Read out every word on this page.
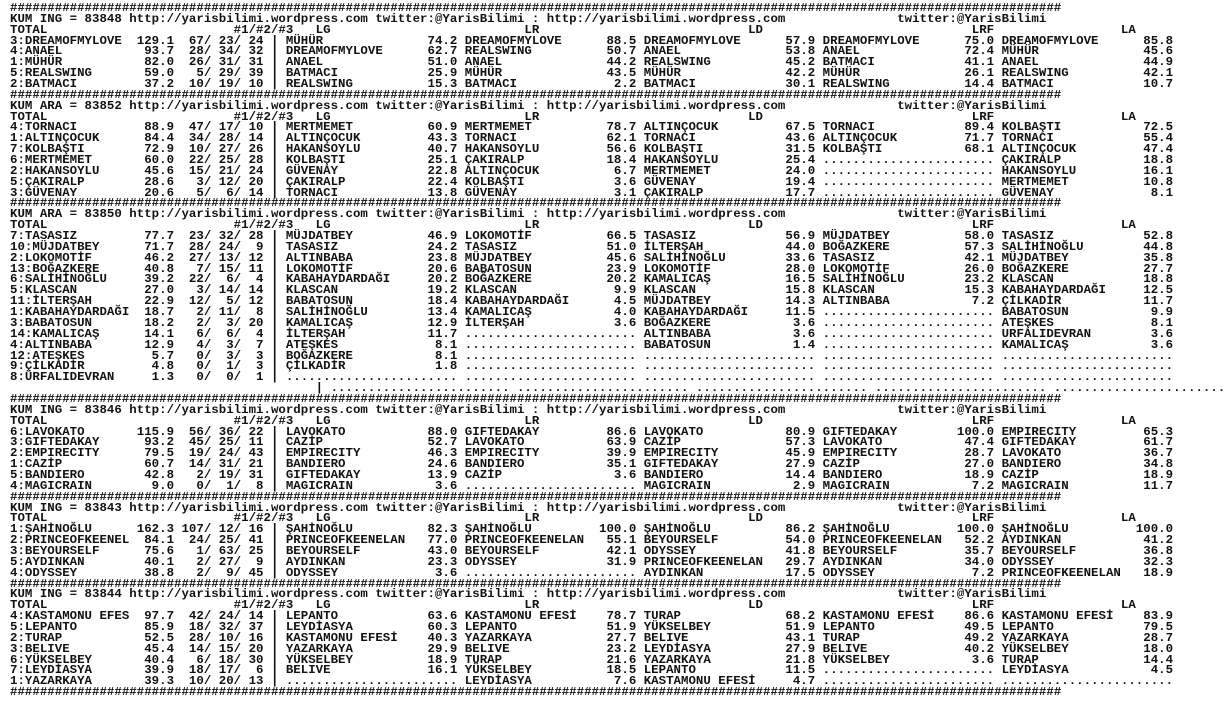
#############################################################################################################################################
KUM ING = 83848 http://yarisbilimi.wordpress.com twitter:@YarisBilimi : http://yarisbilimi.wordpress.com               twitter:@YarisBilimi
TOTAL                         #1/#2/#3   LG                          LR                            LD                            LRF                 LA
3:DREAMOFMYLOVE  129.1  67/ 23/ 24 | MÜHÜR              74.2 DREAMOFMYLOVE      88.5 DREAMOFMYLOVE      57.9 DREAMOFMYLOVE      75.0 DREAMOFMYLOVE      85.8
4:ANAEL           93.7  28/ 34/ 32 | DREAMOFMYLOVE      62.7 REALSWING          50.7 ANAEL              53.8 ANAEL              72.4 MÜHÜR              45.6
1:MÜHÜR           82.0  26/ 31/ 31 | ANAEL              51.0 ANAEL              44.2 REALSWING          45.2 BATMACI            41.1 ANAEL              44.9
5:REALSWING       59.0   5/ 29/ 39 | BATMACI            25.9 MÜHÜR              43.5 MÜHÜR              42.2 MÜHÜR              26.1 REALSWING          42.1
2:BATMACI         37.2  10/ 19/ 10 | REALSWING          15.3 BATMACI             2.2 BATMACI            30.1 REALSWING          14.4 BATMACI            10.7
#############################################################################################################################################
KUM ARA = 83852 http://yarisbilimi.wordpress.com twitter:@YarisBilimi : http://yarisbilimi.wordpress.com               twitter:@YarisBilimi
TOTAL                         #1/#2/#3   LG                          LR                            LD                            LRF                 LA
4:TORNACI         88.9  47/ 17/ 10 | MERTMEMET          60.9 MERTMEMET          78.7 ALTINÇOCUK         67.5 TORNACI            89.4 KOLBAŞTI           72.5
1:ALTINÇOCUK      84.4  34/ 28/ 14 | ALTINÇOCUK         43.3 TORNACI            62.1 TORNACI            43.6 ALTINÇOCUK         71.7 TORNACI            55.4
7:KOLBAŞTI        72.9  10/ 27/ 26 | HAKANSOYLU         40.7 HAKANSOYLU         56.6 KOLBAŞTI           31.5 KOLBAŞTI           68.1 ALTINÇOCUK         47.4
6:MERTMEMET       60.0  22/ 25/ 28 | KOLBAŞTI           25.1 ÇAKIRALP           18.4 HAKANSOYLU         25.4 ....................... ÇAKIRALP           18.8
2:HAKANSOYLU      45.6  15/ 21/ 24 | GÜVENAY            22.8 ALTINÇOCUK          6.7 MERTMEMET          24.0 ....................... HAKANSOYLU         16.1
5:ÇAKIRALP        28.6   3/ 12/ 20 | ÇAKIRALP           22.4 KOLBAŞTI            3.6 GÜVENAY            19.4 ....................... MERTMEMET          10.8
3:GÜVENAY         20.6   5/  6/ 14 | TORNACI            13.8 GÜVENAY             3.1 ÇAKIRALP           17.7 ....................... GÜVENAY             8.1
#############################################################################################################################################
KUM ARA = 83850 http://yarisbilimi.wordpress.com twitter:@YarisBilimi : http://yarisbilimi.wordpress.com               twitter:@YarisBilimi
TOTAL                         #1/#2/#3   LG                          LR                            LD                            LRF                 LA
7:TASASIZ         77.7  23/ 32/ 28 | MÜJDATBEY          46.9 LOKOMOTİF          66.5 TASASIZ            56.9 MÜJDATBEY          58.0 TASASIZ            52.8
10:MÜJDATBEY      71.7  28/ 24/  9 | TASASIZ            24.2 TASASIZ            51.0 İLTERŞAH           44.0 BOĞAZKERE          57.3 SALİHİNOĞLU        44.8
2:LOKOMOTİF       46.2  27/ 13/ 12 | ALTINBABA          23.8 MÜJDATBEY          45.6 SALİHİNOĞLU        33.6 TASASIZ            42.1 MÜJDATBEY          35.8
13:BOĞAZKERE      40.8   7/ 15/ 11 | LOKOMOTİF          20.6 BABATOSUN          23.9 LOKOMOTİF          28.0 LOKOMOTİF          26.0 BOĞAZKERE          27.7
6:SALİHİNOĞLU     39.2  22/  6/  4 | KABAHAYDARDAĞI     20.2 BOĞAZKERE          20.2 KAMALICAŞ          16.5 SALİHİNOĞLU        23.2 KLASCAN            18.8
5:KLASCAN         27.0   3/ 14/ 14 | KLASCAN            19.2 KLASCAN             9.9 KLASCAN            15.8 KLASCAN            15.3 KABAHAYDARDAĞI     12.5
11:İLTERŞAH       22.9  12/  5/ 12 | BABATOSUN          18.4 KABAHAYDARDAĞI      4.5 MÜJDATBEY          14.3 ALTINBABA           7.2 ÇİLKADİR           11.7
1:KABAHAYDARDAĞI  18.7   2/ 11/  8 | SALİHİNOĞLU        13.4 KAMALICAŞ           4.0 KABAHAYDARDAĞI     11.5 ....................... BABATOSUN           9.9
3:BABATOSUN       18.2   2/  3/ 20 | KAMALICAŞ          12.9 İLTERŞAH            3.6 BOĞAZKERE           3.6 ....................... ATEŞKES             8.1
14:KAMALICAŞ      14.1   6/  6/  4 | İLTERŞAH           11.7 ....................... ALTINBABA           3.6 ....................... URFALIDEVRAN        3.6
4:ALTINBABA       12.9   4/  3/  7 | ATEŞKES             8.1 ....................... BABATOSUN           1.4 ....................... KAMALICAŞ           3.6
12:ATEŞKES         5.7   0/  3/  3 | BOĞAZKERE           8.1 ....................... ....................... ....................... .......................
9:ÇİLKADİR         4.8   0/  1/  3 | ÇİLKADİR            1.8 ....................... ....................... ....................... .......................
8:ÜRFALIDEVRAN     1.3   0/  0/  1 | ....................... ....................... ....................... ....................... .......................
| ........................ ....................... ....................... ....................... .......................
#############################################################################################################################################
KUM ING = 83846 http://yarisbilimi.wordpress.com twitter:@YarisBilimi : http://yarisbilimi.wordpress.com               twitter:@YarisBilimi
TOTAL                         #1/#2/#3   LG                          LR                            LD                            LRF                 LA
6:LAVOKATO       115.9  56/ 36/ 22 | LAVOKATO           88.0 GIFTEDAKAY         86.6 LAVOKATO           80.9 GIFTEDAKAY        100.0 EMPIRECITY         65.3
3:GIFTEDAKAY      93.2  45/ 25/ 11 | CAZİP              52.7 LAVOKATO           63.9 CAZİP              57.3 LAVOKATO           47.4 GIFTEDAKAY         61.7
2:EMPIRECITY      79.5  19/ 24/ 43 | EMPIRECITY         46.3 EMPIRECITY         39.9 EMPIRECITY         45.9 EMPIRECITY         28.7 LAVOKATO           36.7
1:CAZİP           60.7  14/ 31/ 21 | BANDIERO           24.6 BANDIERO           35.1 GIFTEDAKAY         27.9 CAZİP              27.0 BANDIERO           34.8
5:BANDIERO        42.8   2/ 19/ 31 | GIFTEDAKAY         13.9 CAZİP               3.6 BANDIERO           14.4 BANDIERO           18.9 CAZİP              18.9
4:MAGICRAIN        9.0   0/  1/  8 | MAGICRAIN           3.6 ....................... MAGICRAIN           2.9 MAGICRAIN           7.2 MAGICRAIN          11.7
#############################################################################################################################################
KUM ING = 83843 http://yarisbilimi.wordpress.com twitter:@YarisBilimi : http://yarisbilimi.wordpress.com               twitter:@YarisBilimi
TOTAL                         #1/#2/#3   LG                          LR                            LD                            LRF                 LA
1:ŞAHİNOĞLU      162.3 107/ 12/ 16 | ŞAHİNOĞLU          82.3 ŞAHİNOĞLU         100.0 ŞAHİNOĞLU          86.2 ŞAHİNOĞLU         100.0 ŞAHİNOĞLU         100.0
2:PRINCEOFKEENEL  84.1  24/ 25/ 41 | PRINCEOFKEENELAN   77.0 PRINCEOFKEENELAN   55.1 BEYOURSELF         54.0 PRINCEOFKEENELAN   52.2 AYDINKAN           41.2
3:BEYOURSELF      75.6   1/ 63/ 25 | BEYOURSELF         43.0 BEYOURSELF         42.1 ODYSSEY            41.8 BEYOURSELF         35.7 BEYOURSELF         36.8
5:AYDINKAN        40.1   2/ 27/  9 | AYDINKAN           23.3 ODYSSEY            31.9 PRINCEOFKEENELAN   29.7 AYDINKAN           34.0 ODYSSEY            32.3
4:ODYSSEY         38.8   2/  9/ 45 | ODYSSEY             3.6 ....................... AYDINKAN           17.5 ODYSSEY             7.2 PRINCEOFKEENELAN   18.9
#############################################################################################################################################
KUM ING = 83844 http://yarisbilimi.wordpress.com twitter:@YarisBilimi : http://yarisbilimi.wordpress.com               twitter:@YarisBilimi
TOTAL                         #1/#2/#3   LG                          LR                            LD                            LRF                 LA
4:KASTAMONU EFES  97.7  42/ 24/ 14 | LEPANTO            63.6 KASTAMONU EFESİ    78.7 TURAP              68.2 KASTAMONU EFESİ    86.6 KASTAMONU EFESİ    83.9
5:LEPANTO         85.9  18/ 32/ 37 | LEYDİASYA          60.3 LEPANTO            51.9 YÜKSELBEY          51.9 LEPANTO            49.5 LEPANTO            79.5
2:TURAP           52.5  28/ 10/ 16 | KASTAMONU EFESİ    40.3 YAZARKAYA          27.7 BELIVE             43.1 TURAP              49.2 YAZARKAYA          28.7
3:BELIVE          45.4  14/ 15/ 20 | YAZARKAYA          29.9 BELIVE             23.2 LEYDİASYA          27.9 BELIVE             40.2 YÜKSELBEY          18.0
6:YÜKSELBEY       40.4   6/ 18/ 30 | YÜKSELBEY          18.9 TURAP              21.6 YAZARKAYA          21.8 YÜKSELBEY           3.6 TURAP              14.4
7:LEYDİASYA       39.9  18/ 17/  6 | BELIVE             16.1 YÜKSELBEY          18.5 LEPANTO            11.5 ....................... LEYDİASYA           4.5
1:YAZARKAYA       39.3  10/ 20/ 13 | ....................... LEYDİASYA           7.6 KASTAMONU EFESİ     4.7 ....................... .......................
#############################################################################################################################################
